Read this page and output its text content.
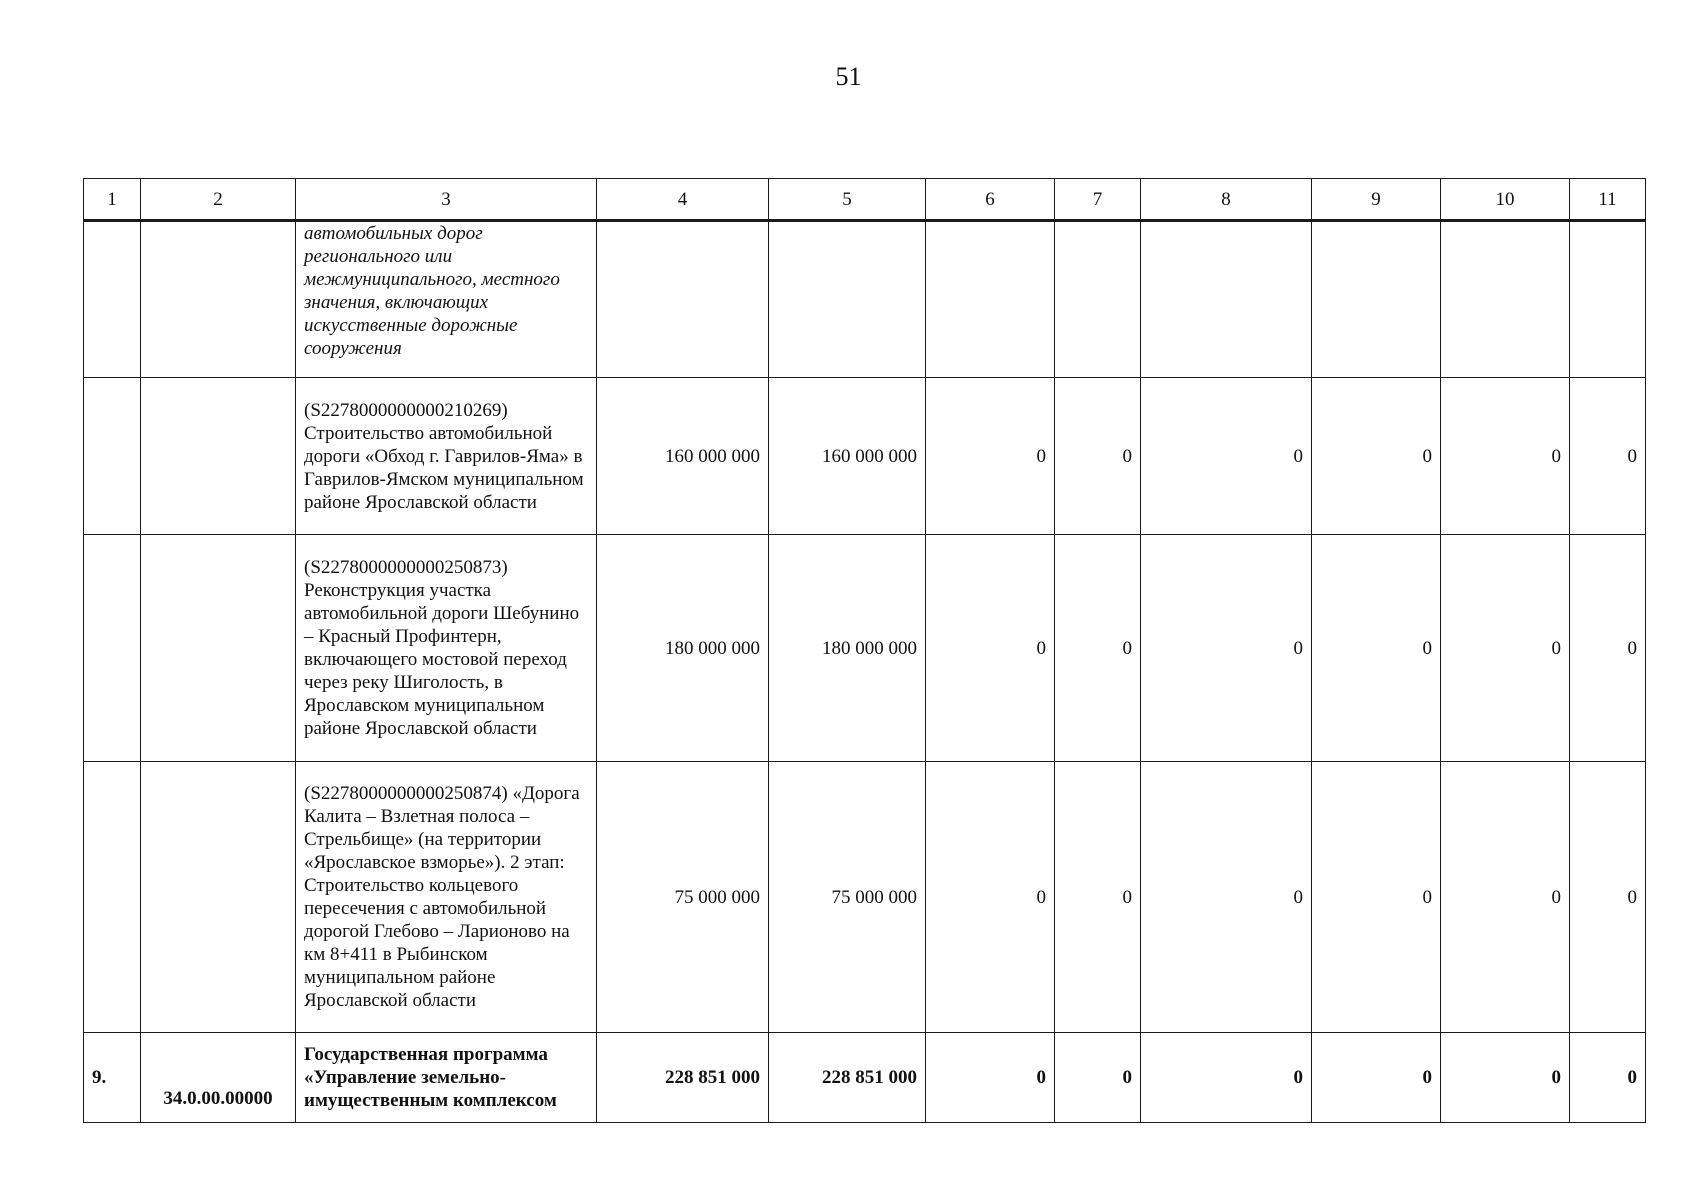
51
1	2	3	4	5	6	7	8	9	10	11
		автомобильных дорог регионального или межмуниципального, местного значения, включающих искусственные дорожные сооружения								
		(S2278000000000210269) Строительство автомобильной дороги «Обход г. Гаврилов-Яма» в Гаврилов-Ямском муниципальном районе Ярославской области	160 000 000	160 000 000	0	0	0	0	0	0
		(S2278000000000250873) Реконструкция участка автомобильной дороги Шебунино – Красный Профинтерн, включающего мостовой переход через реку Шиголость, в Ярославском муниципальном районе Ярославской области	180 000 000	180 000 000	0	0	0	0	0	0
		(S2278000000000250874) «Дорога Калита – Взлетная полоса – Стрельбище» (на территории «Ярославское взморье»). 2 этап: Строительство кольцевого пересечения с автомобильной дорогой Глебово – Ларионово на км 8+411 в Рыбинском муниципальном районе Ярославской области	75 000 000	75 000 000	0	0	0	0	0	0
9.	34.0.00.00000	Государственная программа «Управление земельно-имущественным комплексом	228 851 000	228 851 000	0	0	0	0	0	0
